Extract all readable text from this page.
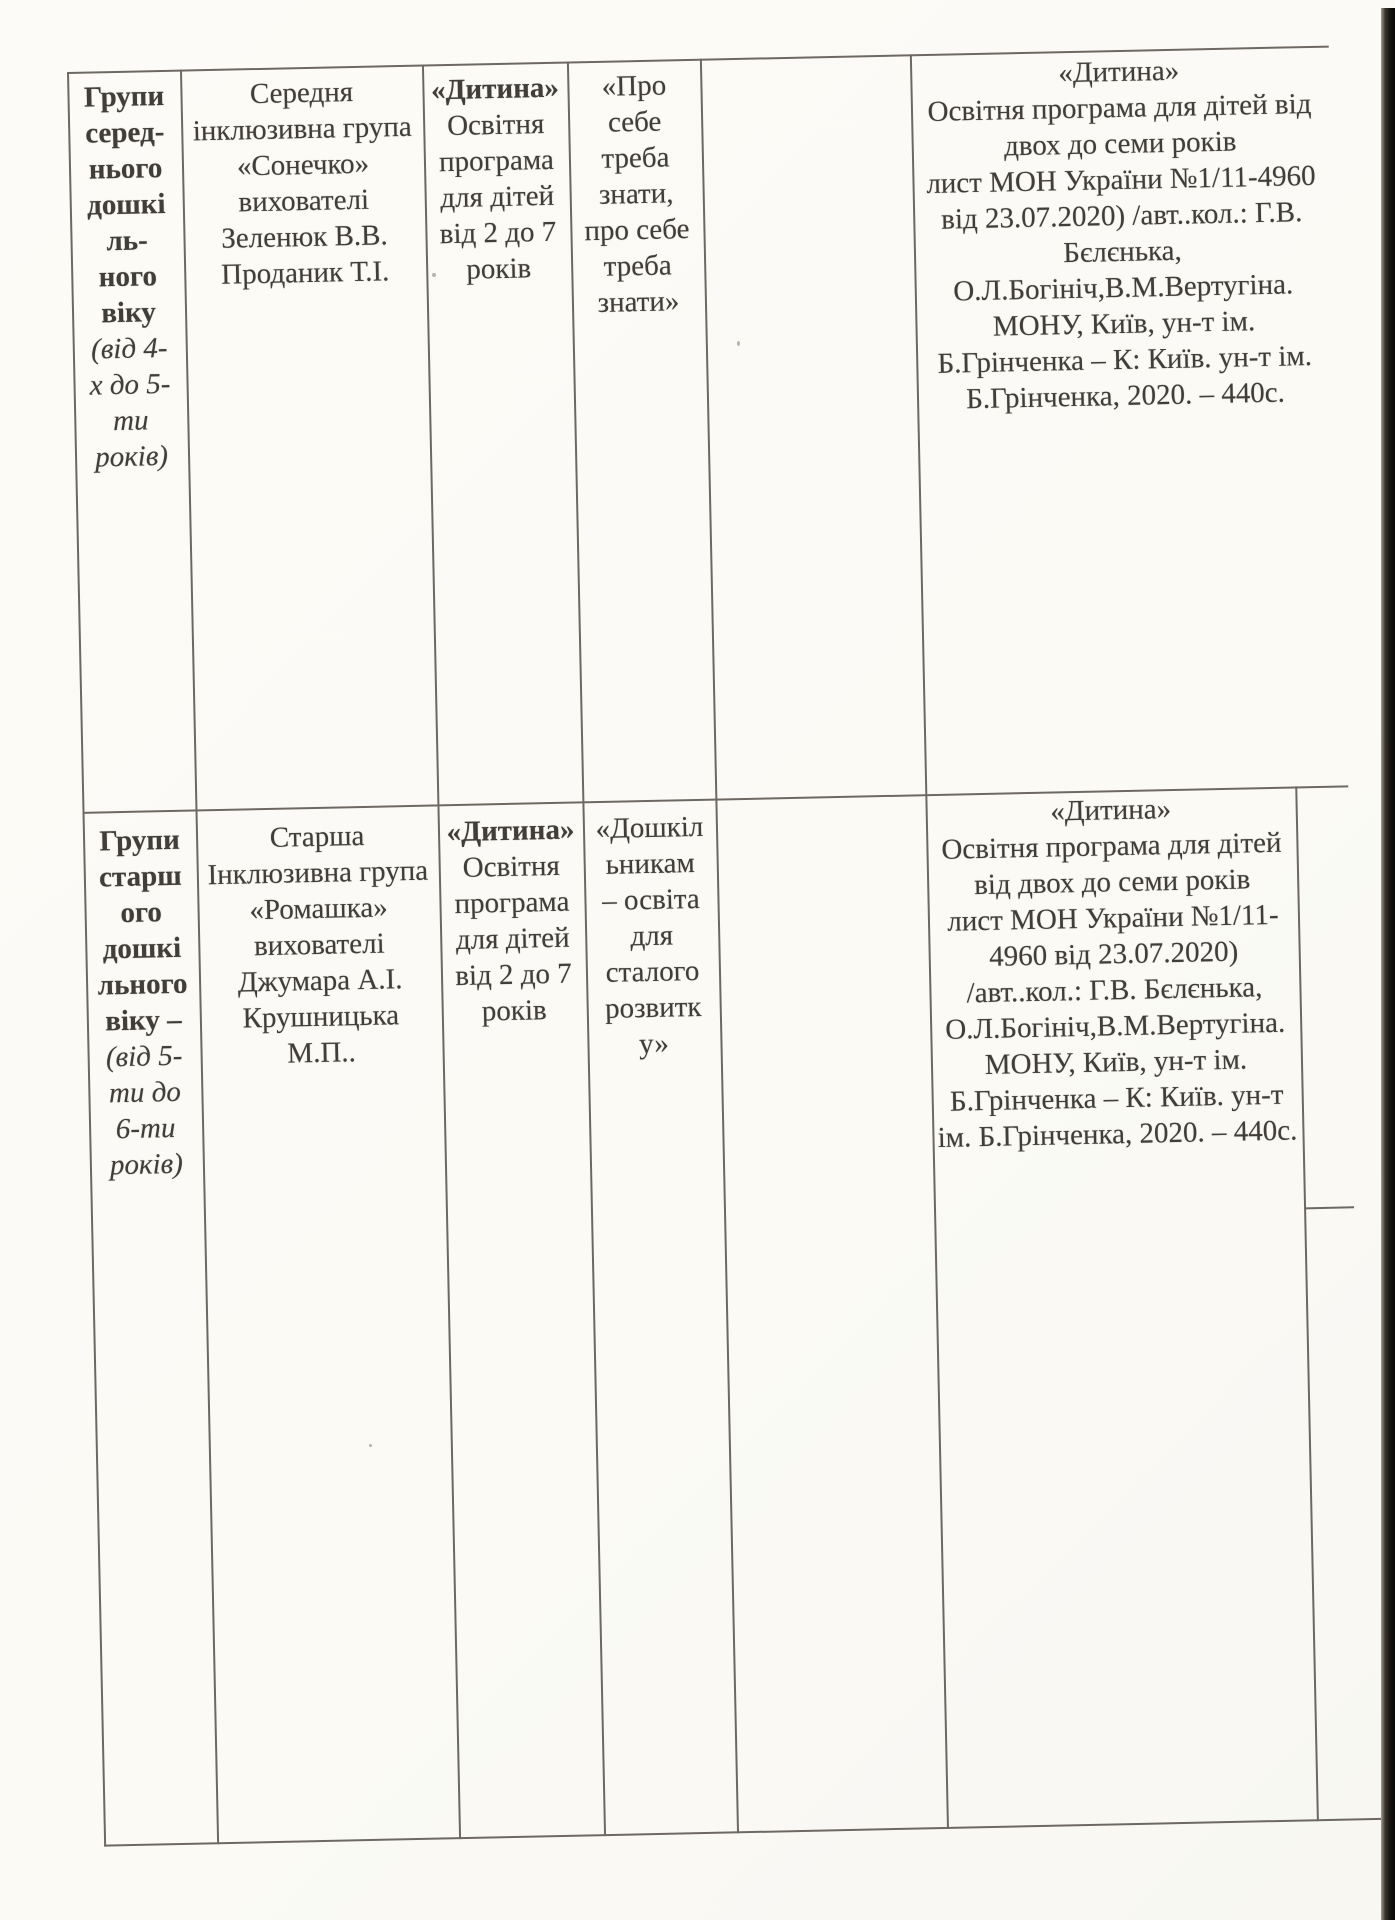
Групи
серед-
нього
дошкі
ль-
ного
віку
(від 4-
х до 5-
ти
років)
Середня
інклюзивна група
«Сонечко»
вихователі
Зеленюк В.В.
Проданик Т.І.
«Дитина»
Освітня
програма
для дітей
від 2 до 7
років
«Про
себе
треба
знати,
про себе
треба
знати»
«Дитина»
Освітня програма для дітей від
двох до семи років
лист МОН України №1/11-4960
від 23.07.2020) /авт..кол.: Г.В.
Бєлєнька,
О.Л.Богініч,В.М.Вертугіна.
МОНУ, Київ, ун-т ім.
Б.Грінченка – К: Київ. ун-т ім.
Б.Грінченка, 2020. – 440с.
Групи
старш
ого
дошкі
льного
віку –
(від 5-
ти до
6-ти
років)
Старша
Інклюзивна група
«Ромашка»
вихователі
Джумара А.І.
Крушницька
М.П..
«Дитина»
Освітня
програма
для дітей
від 2 до 7
років
«Дошкіл
ьникам
– освіта
для
сталого
розвитк
у»
«Дитина»
Освітня програма для дітей
від двох до семи років
лист МОН України №1/11-
4960 від 23.07.2020)
/авт..кол.: Г.В. Бєлєнька,
О.Л.Богініч,В.М.Вертугіна.
МОНУ, Київ, ун-т ім.
Б.Грінченка – К: Київ. ун-т
ім. Б.Грінченка, 2020. – 440с.
